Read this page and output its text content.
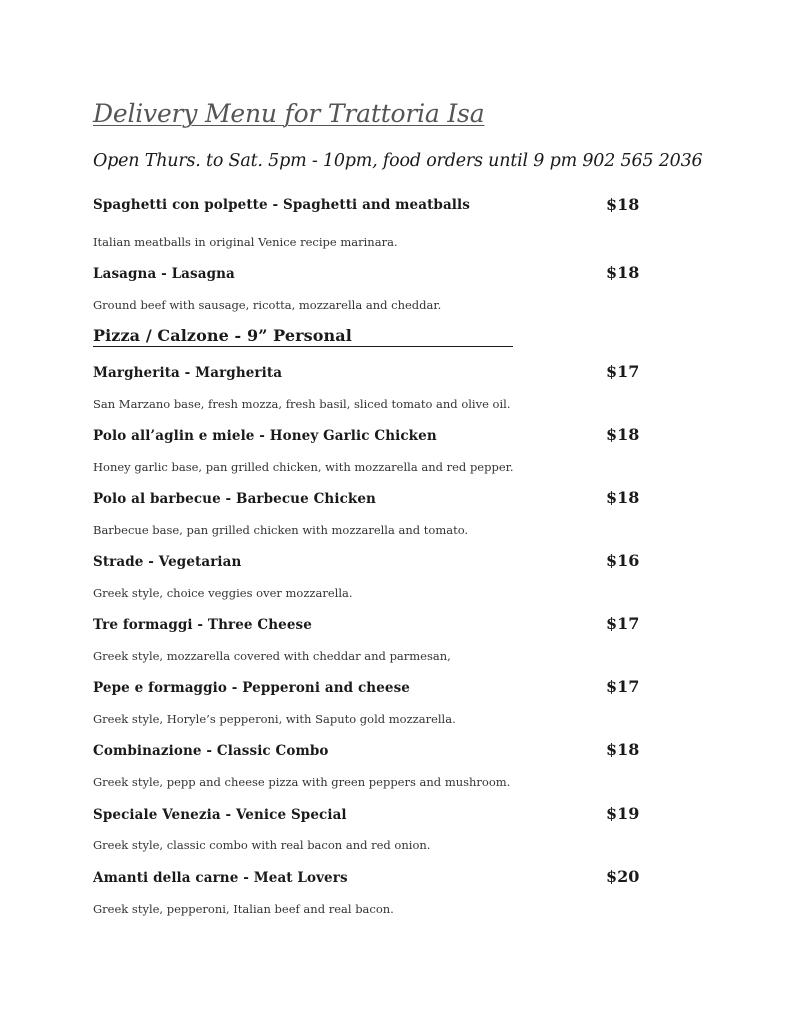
Delivery Menu for Trattoria Isa
Open Thurs. to Sat. 5pm - 10pm, food orders until 9 pm 902 565 2036
Spaghetti con polpette - Spaghetti and meatballs	$18
Italian meatballs in original Venice recipe marinara.
Lasagna - Lasagna	$18
Ground beef with sausage, ricotta, mozzarella and cheddar.
Pizza / Calzone - 9” Personal
Margherita - Margherita	$17
San Marzano base, fresh mozza, fresh basil, sliced tomato and olive oil.
Polo all’aglin e miele - Honey Garlic Chicken	$18
Honey garlic base, pan grilled chicken, with mozzarella and red pepper.
Polo al barbecue - Barbecue Chicken	$18
Barbecue base, pan grilled chicken with mozzarella and tomato.
Strade - Vegetarian	$16
Greek style, choice veggies over mozzarella.
Tre formaggi - Three Cheese	$17
Greek style, mozzarella covered with cheddar and parmesan,
Pepe e formaggio - Pepperoni and cheese	$17
Greek style, Horyle’s pepperoni, with Saputo gold mozzarella.
Combinazione - Classic Combo	$18
Greek style, pepp and cheese pizza with green peppers and mushroom.
Speciale Venezia - Venice Special	$19
Greek style, classic combo with real bacon and red onion.
Amanti della carne - Meat Lovers	$20
Greek style, pepperoni, Italian beef and real bacon.
